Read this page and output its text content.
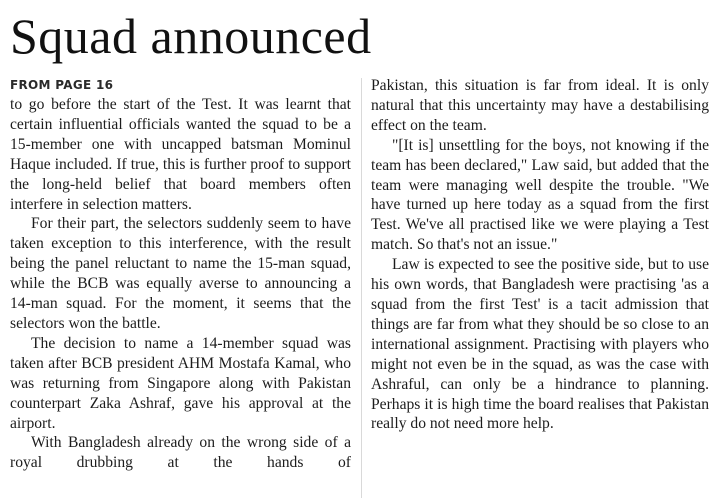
Squad announced
FROM PAGE 16

to go before the start of the Test. It was learnt that certain influential officials wanted the squad to be a 15-member one with uncapped batsman Mominul Haque included. If true, this is further proof to support the long-held belief that board members often interfere in selection matters.

For their part, the selectors suddenly seem to have taken exception to this interference, with the result being the panel reluctant to name the 15-man squad, while the BCB was equally averse to announcing a 14-man squad. For the moment, it seems that the selectors won the battle.

The decision to name a 14-member squad was taken after BCB president AHM Mostafa Kamal, who was returning from Singapore along with Pakistan counterpart Zaka Ashraf, gave his approval at the airport.

With Bangladesh already on the wrong side of a royal drubbing at the hands of

Pakistan, this situation is far from ideal. It is only natural that this uncertainty may have a destabilising effect on the team.

"[It is] unsettling for the boys, not knowing if the team has been declared," Law said, but added that the team were managing well despite the trouble. "We have turned up here today as a squad from the first Test. We've all practised like we were playing a Test match. So that's not an issue."

Law is expected to see the positive side, but to use his own words, that Bangladesh were practising 'as a squad from the first Test' is a tacit admission that things are far from what they should be so close to an international assignment. Practising with players who might not even be in the squad, as was the case with Ashraful, can only be a hindrance to planning. Perhaps it is high time the board realises that Pakistan really do not need more help.
